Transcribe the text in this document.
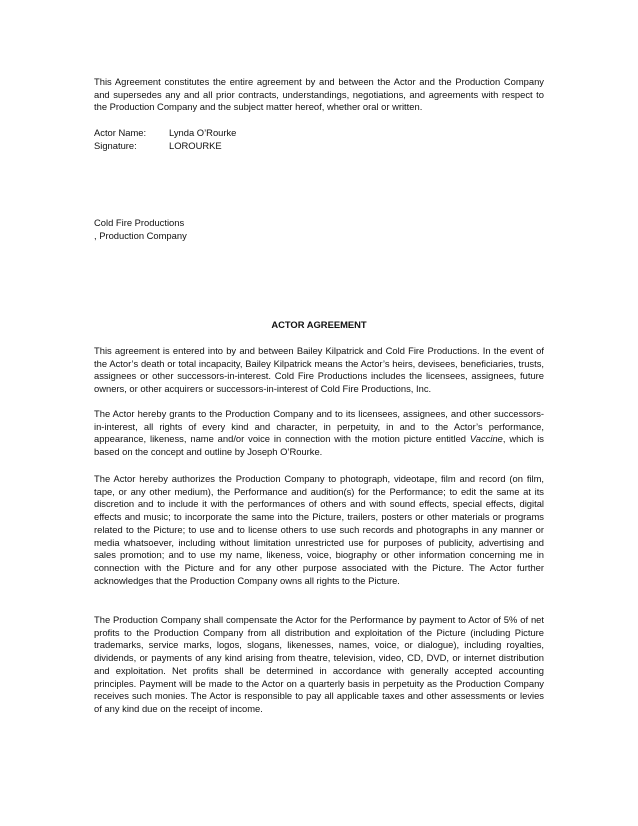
This Agreement constitutes the entire agreement by and between the Actor and the Production Company and supersedes any and all prior contracts, understandings, negotiations, and agreements with respect to the Production Company and the subject matter hereof, whether oral or written.

Actor Name: Lynda O’Rourke
Signature:	LOROURKE
Cold Fire Productions
, Production Company
ACTOR AGREEMENT

This agreement is entered into by and between Bailey Kilpatrick and Cold Fire Productions. In the event of the Actor’s death or total incapacity, Bailey Kilpatrick means the Actor’s heirs, devisees, beneficiaries, trusts, assignees or other successors-in-interest. Cold Fire Productions includes the licensees, assignees, future owners, or other acquirers or successors-in-interest of Cold Fire Productions, Inc.

The Actor hereby grants to the Production Company and to its licensees, assignees, and other successors-in-interest, all rights of every kind and character, in perpetuity, in and to the Actor’s performance, appearance, likeness, name and/or voice in connection with the motion picture entitled Vaccine, which is based on the concept and outline by Joseph O’Rourke.

The Actor hereby authorizes the Production Company to photograph, videotape, film and record (on film, tape, or any other medium), the Performance and audition(s) for the Performance; to edit the same at its discretion and to include it with the performances of others and with sound effects, special effects, digital effects and music; to incorporate the same into the Picture, trailers, posters or other materials or programs related to the Picture; to use and to license others to use such records and photographs in any manner or media whatsoever, including without limitation unrestricted use for purposes of publicity, advertising and sales promotion; and to use my name, likeness, voice, biography or other information concerning me in connection with the Picture and for any other purpose associated with the Picture. The Actor further acknowledges that the Production Company owns all rights to the Picture.

The Production Company shall compensate the Actor for the Performance by payment to Actor of 5% of net profits to the Production Company from all distribution and exploitation of the Picture (including Picture trademarks, service marks, logos, slogans, likenesses, names, voice, or dialogue), including royalties, dividends, or payments of any kind arising from theatre, television, video, CD, DVD, or internet distribution and exploitation. Net profits shall be determined in accordance with generally accepted accounting principles. Payment will be made to the Actor on a quarterly basis in perpetuity as the Production Company receives such monies. The Actor is responsible to pay all applicable taxes and other assessments or levies of any kind due on the receipt of income.
